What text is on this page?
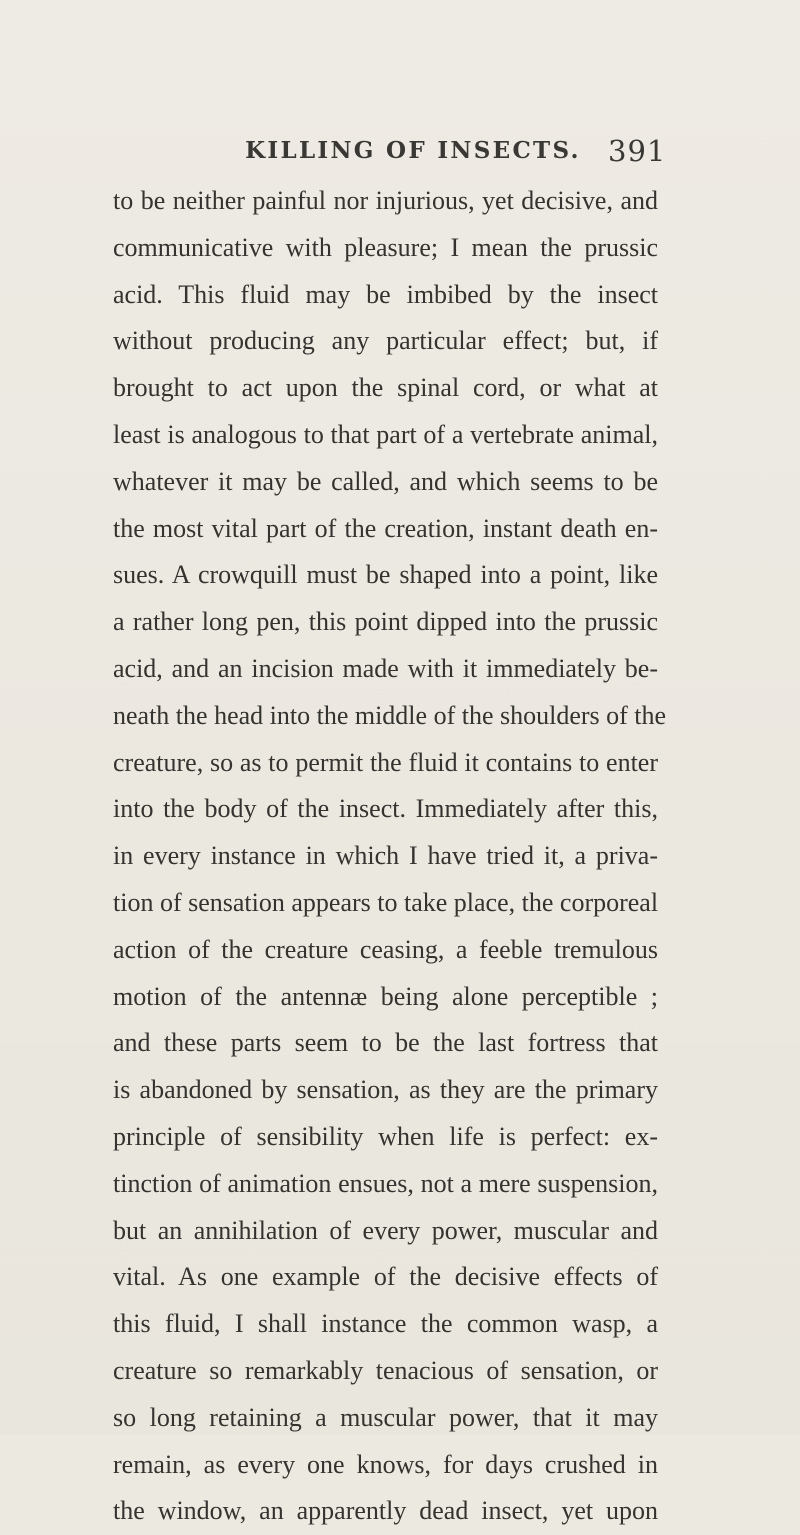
KILLING OF INSECTS. 391
to be neither painful nor injurious, yet decisive, and
communicative with pleasure; I mean the prussic
acid. This fluid may be imbibed by the insect
without producing any particular effect; but, if
brought to act upon the spinal cord, or what at
least is analogous to that part of a vertebrate animal,
whatever it may be called, and which seems to be
the most vital part of the creation, instant death en-
sues. A crowquill must be shaped into a point, like
a rather long pen, this point dipped into the prussic
acid, and an incision made with it immediately be-
neath the head into the middle of the shoulders of the
creature, so as to permit the fluid it contains to enter
into the body of the insect. Immediately after this,
in every instance in which I have tried it, a priva-
tion of sensation appears to take place, the corporeal
action of the creature ceasing, a feeble tremulous
motion of the antennæ being alone perceptible ;
and these parts seem to be the last fortress that
is abandoned by sensation, as they are the primary
principle of sensibility when life is perfect: ex-
tinction of animation ensues, not a mere suspension,
but an annihilation of every power, muscular and
vital. As one example of the decisive effects of
this fluid, I shall instance the common wasp, a
creature so remarkably tenacious of sensation, or
so long retaining a muscular power, that it may
remain, as every one knows, for days crushed in
the window, an apparently dead insect, yet upon
